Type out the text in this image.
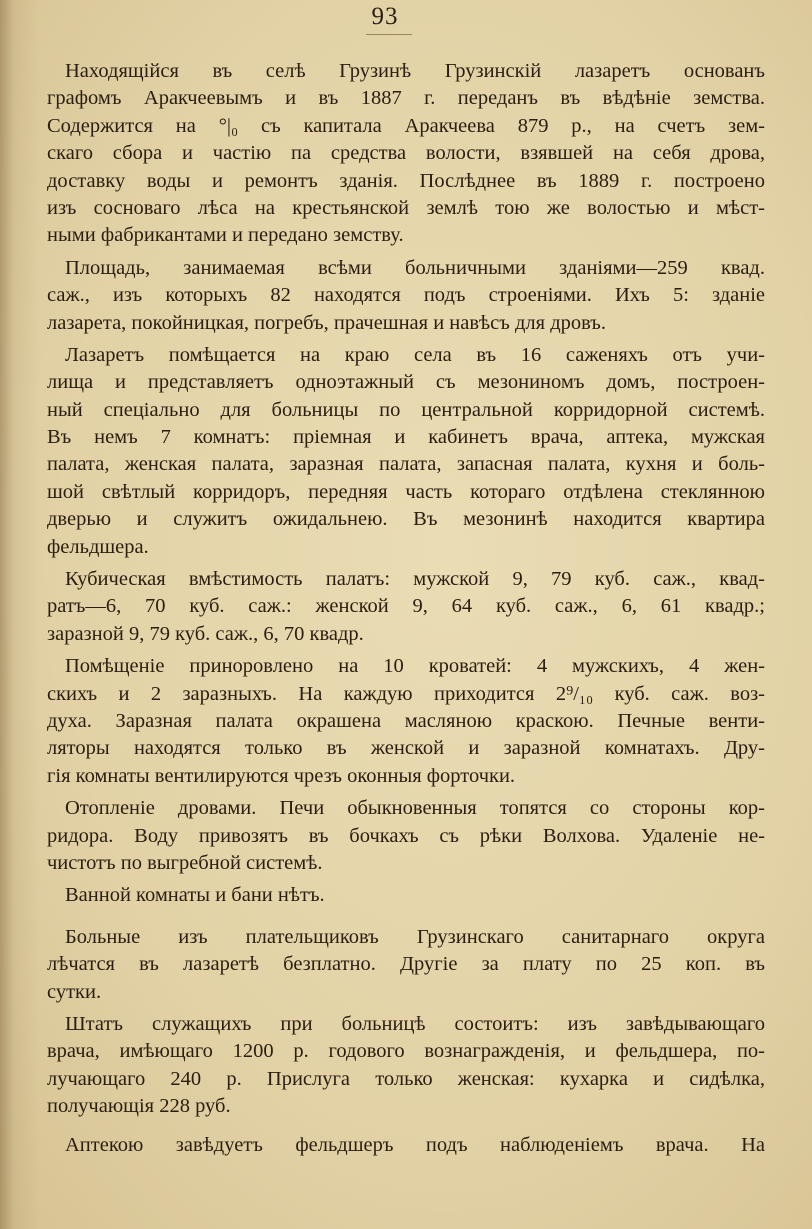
93
Находящійся въ селѣ Грузинѣ Грузинскій лазаретъ основанъ
графомъ Аракчеевымъ и въ 1887 г. переданъ въ вѣдѣніе земства.
Содержится на °|₀ съ капитала Аракчеева 879 р., на счетъ зем-
скаго сбора и частію па средства волости, взявшей на себя дрова,
доставку воды и ремонтъ зданія. Послѣднее въ 1889 г. построено
изъ сосноваго лѣса на крестьянской землѣ тою же волостью и мѣст-
ными фабрикантами и передано земству.
Площадь, занимаемая всѣми больничными зданіями—259 квад.
саж., изъ которыхъ 82 находятся подъ строеніями. Ихъ 5: зданіе
лазарета, покойницкая, погребъ, прачешная и навѣсъ для дровъ.
Лазаретъ помѣщается на краю села въ 16 саженяхъ отъ учи-
лища и представляетъ одноэтажный съ мезониномъ домъ, построен-
ный спеціально для больницы по центральной корридорной системѣ.
Въ немъ 7 комнатъ: пріемная и кабинетъ врача, аптека, мужская
палата, женская палата, заразная палата, запасная палата, кухня и боль-
шой свѣтлый корридоръ, передняя часть котораго отдѣлена стеклянною
дверью и служитъ ожидальнею. Въ мезонинѣ находится квартира
фельдшера.
Кубическая вмѣстимость палатъ: мужской 9, 79 куб. саж., квад-
ратъ—6, 70 куб. саж.: женской 9, 64 куб. саж., 6, 61 квадр.;
заразной 9, 79 куб. саж., 6, 70 квадр.
Помѣщеніе приноровлено на 10 кроватей: 4 мужскихъ, 4 жен-
скихъ и 2 заразныхъ. На каждую приходится 2⁹/₁₀ куб. саж. воз-
духа. Заразная палата окрашена масляною краскою. Печные венти-
ляторы находятся только въ женской и заразной комнатахъ. Дру-
гія комнаты вентилируются чрезъ оконныя форточки.
Отопленіе дровами. Печи обыкновенныя топятся со стороны кор-
ридора. Воду привозятъ въ бочкахъ съ рѣки Волхова. Удаленіе не-
чистотъ по выгребной системѣ.
Ванной комнаты и бани нѣтъ.
Больные изъ плательщиковъ Грузинскаго санитарнаго округа
лѣчатся въ лазаретѣ безплатно. Другіе за плату по 25 коп. въ
сутки.
Штатъ служащихъ при больницѣ состоитъ: изъ завѣдывающаго
врача, имѣющаго 1200 р. годового вознагражденія, и фельдшера, по-
лучающаго 240 р. Прислуга только женская: кухарка и сидѣлка,
получающія 228 руб.
Аптекою завѣдуетъ фельдшеръ подъ наблюденіемъ врача. На
